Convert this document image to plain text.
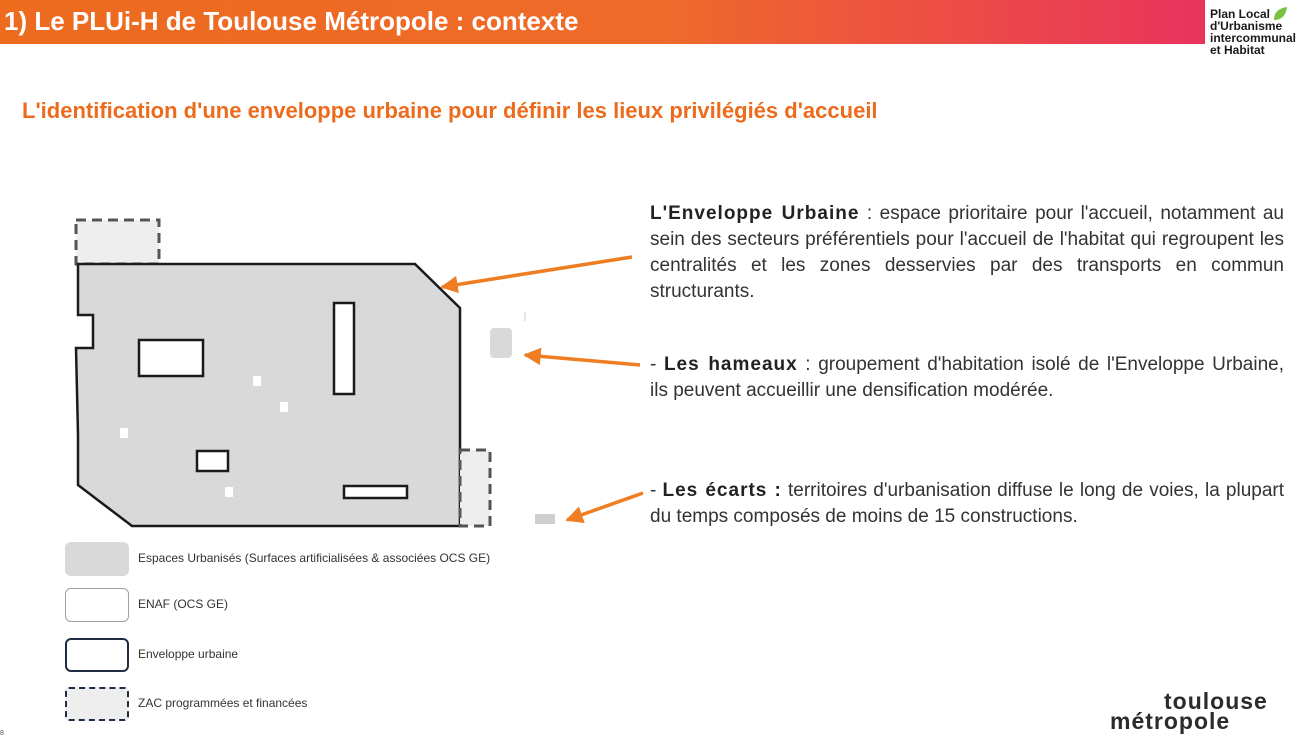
1) Le PLUi-H de Toulouse Métropole : contexte	Plan Local
d'Urbanisme
intercommunal
et Habitat
L'identification d'une enveloppe urbaine pour définir les lieux privilégiés d'accueil
L'Enveloppe Urbaine : espace prioritaire pour l'accueil, notamment au sein des secteurs préférentiels pour l'accueil de l'habitat qui regroupent les centralités et les zones desservies par des transports en commun structurants.
- Les hameaux : groupement d'habitation isolé de l'Enveloppe Urbaine, ils peuvent accueillir une densification modérée.
- Les écarts : territoires d'urbanisation diffuse le long de voies, la plupart du temps composés de moins de 15 constructions.
Espaces Urbanisés (Surfaces artificialisées & associées OCS GE)
ENAF (OCS GE)
Enveloppe urbaine
ZAC programmées et financées	toulouse
métropole
8
